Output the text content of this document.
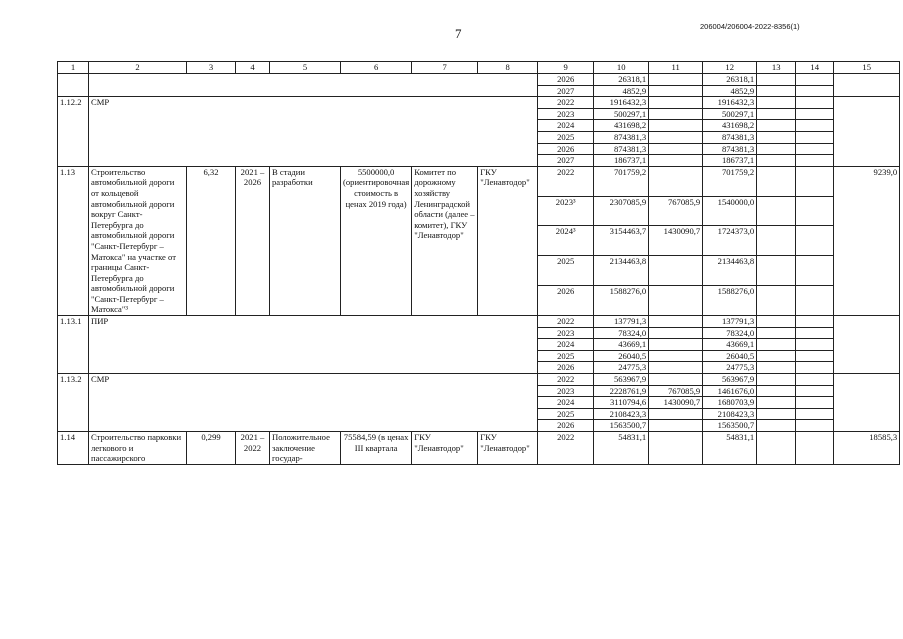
7	206004/206004-2022-8356(1)
1	2	3	4	5	6	7	8	9	10	11	12	13	14	15
								2026	26318,1		26318,1			
								2027	4852,9		4852,9			
1.12.2	СМР							2022	1916432,3		1916432,3			
								2023	500297,1		500297,1			
								2024	431698,2		431698,2			
								2025	874381,3		874381,3			
								2026	874381,3		874381,3			
								2027	186737,1		186737,1			
1.13	Строительство автомобильной дороги от кольцевой автомобильной дороги вокруг Санкт-Петербурга до автомобильной дороги "Санкт-Петербург – Матокса" на участке от границы Санкт-Петербурга до автомобильной дороги "Санкт-Петербург – Матокса"³	6,32	2021 – 2026	В стадии разработки	5500000,0 (ориентировочная стоимость в ценах 2019 года)	Комитет по дорожному хозяйству Ленинградской области (далее – комитет), ГКУ "Ленавтодор"	ГКУ "Ленавтодор"	2022	701759,2		701759,2			9239,0
								2023³	2307085,9	767085,9	1540000,0			
								2024³	3154463,7	1430090,7	1724373,0			
								2025	2134463,8		2134463,8			
								2026	1588276,0		1588276,0			
1.13.1	ПИР							2022	137791,3		137791,3			
								2023	78324,0		78324,0			
								2024	43669,1		43669,1			
								2025	26040,5		26040,5			
								2026	24775,3		24775,3			
1.13.2	СМР							2022	563967,9		563967,9			
								2023	2228761,9	767085,9	1461676,0			
								2024	3110794,6	1430090,7	1680703,9			
								2025	2108423,3		2108423,3			
								2026	1563500,7		1563500,7			
1.14	Строительство парковки легкового и пассажирского	0,299	2021 – 2022	Положительное заключение государ-	75584,59 (в ценах III квартала	ГКУ "Ленавтодор"	ГКУ "Ленавтодор"	2022	54831,1		54831,1			18585,3
